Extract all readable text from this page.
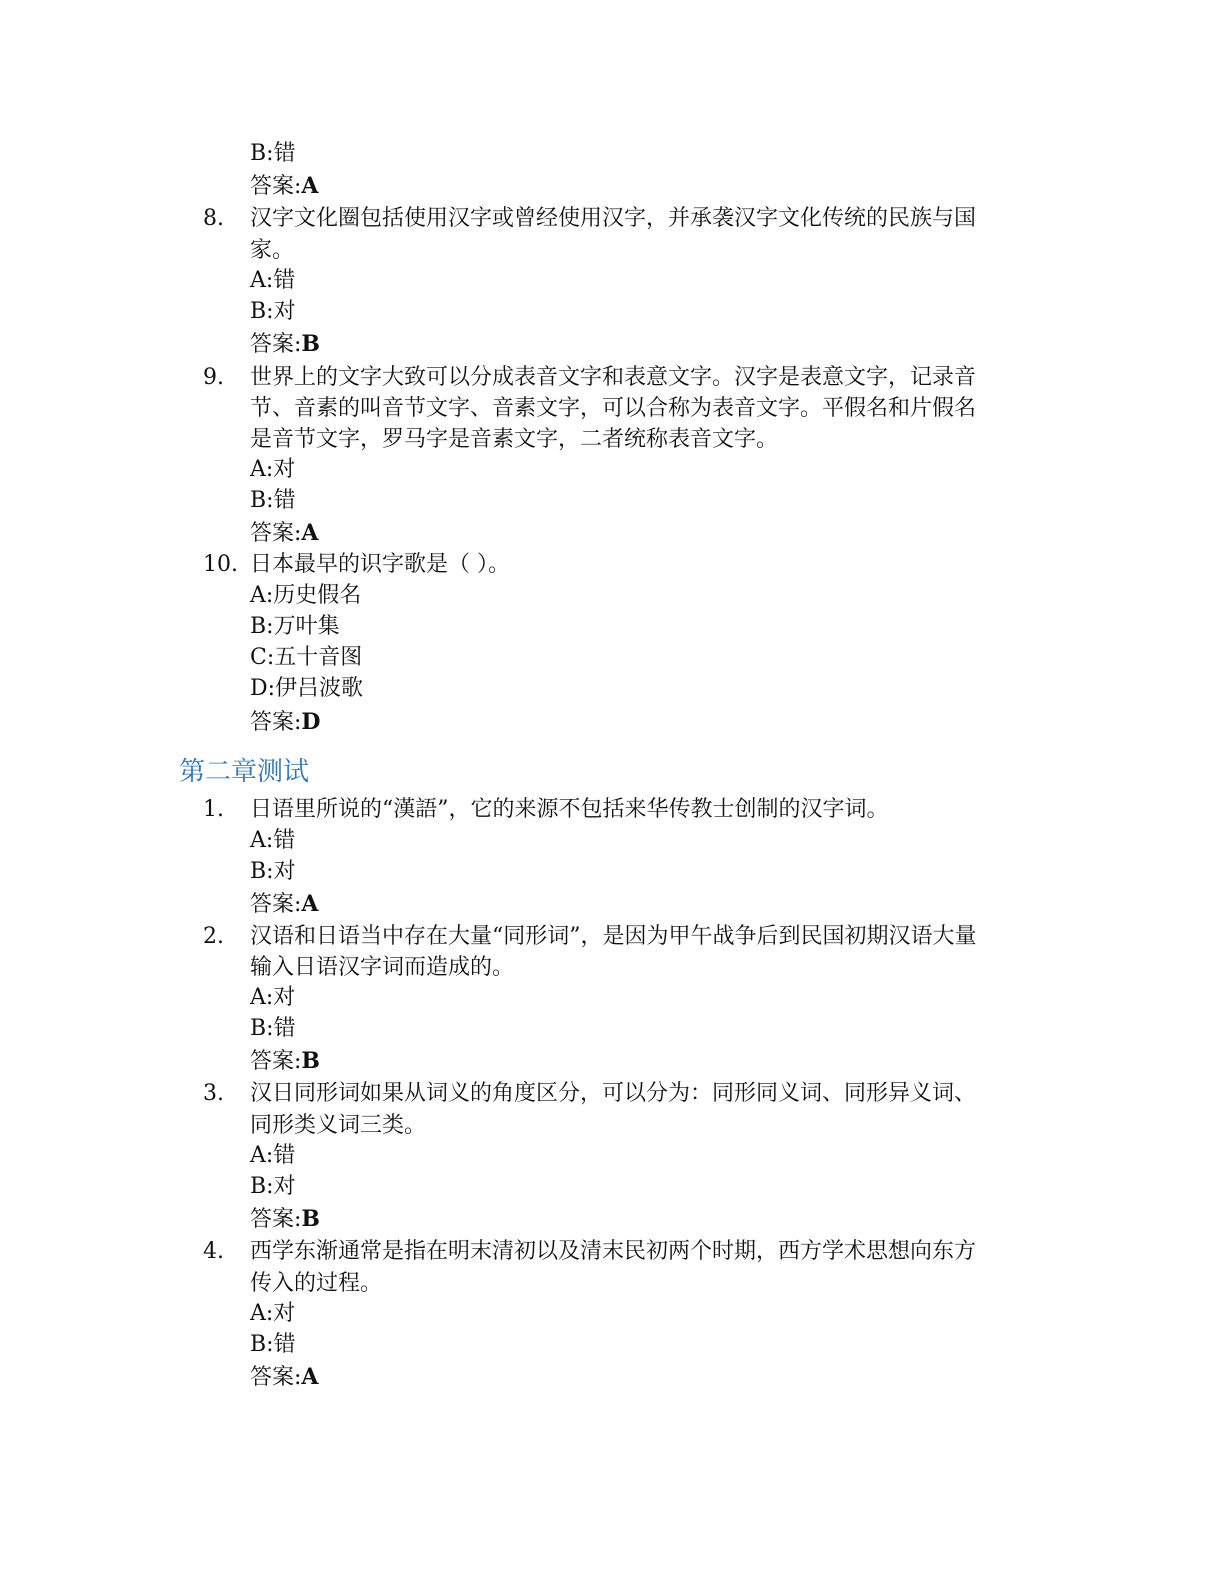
B:错
答案:A
8. 汉字文化圈包括使用汉字或曾经使用汉字，并承袭汉字文化传统的民族与国
家。
A:错
B:对
答案:B
9. 世界上的文字大致可以分成表音文字和表意文字。汉字是表意文字，记录音
节、音素的叫音节文字、音素文字，可以合称为表音文字。平假名和片假名
是音节文字，罗马字是音素文字，二者统称表音文字。
A:对
B:错
答案:A
10. 日本最早的识字歌是（ ）。
A:历史假名
B:万叶集
C:五十音图
D:伊吕波歌
答案:D
第二章测试
1. 日语里所说的“漢語”，它的来源不包括来华传教士创制的汉字词。
A:错
B:对
答案:A
2. 汉语和日语当中存在大量“同形词”，是因为甲午战争后到民国初期汉语大量
输入日语汉字词而造成的。
A:对
B:错
答案:B
3. 汉日同形词如果从词义的角度区分，可以分为：同形同义词、同形异义词、
同形类义词三类。
A:错
B:对
答案:B
4. 西学东渐通常是指在明末清初以及清末民初两个时期，西方学术思想向东方
传入的过程。
A:对
B:错
答案:A
